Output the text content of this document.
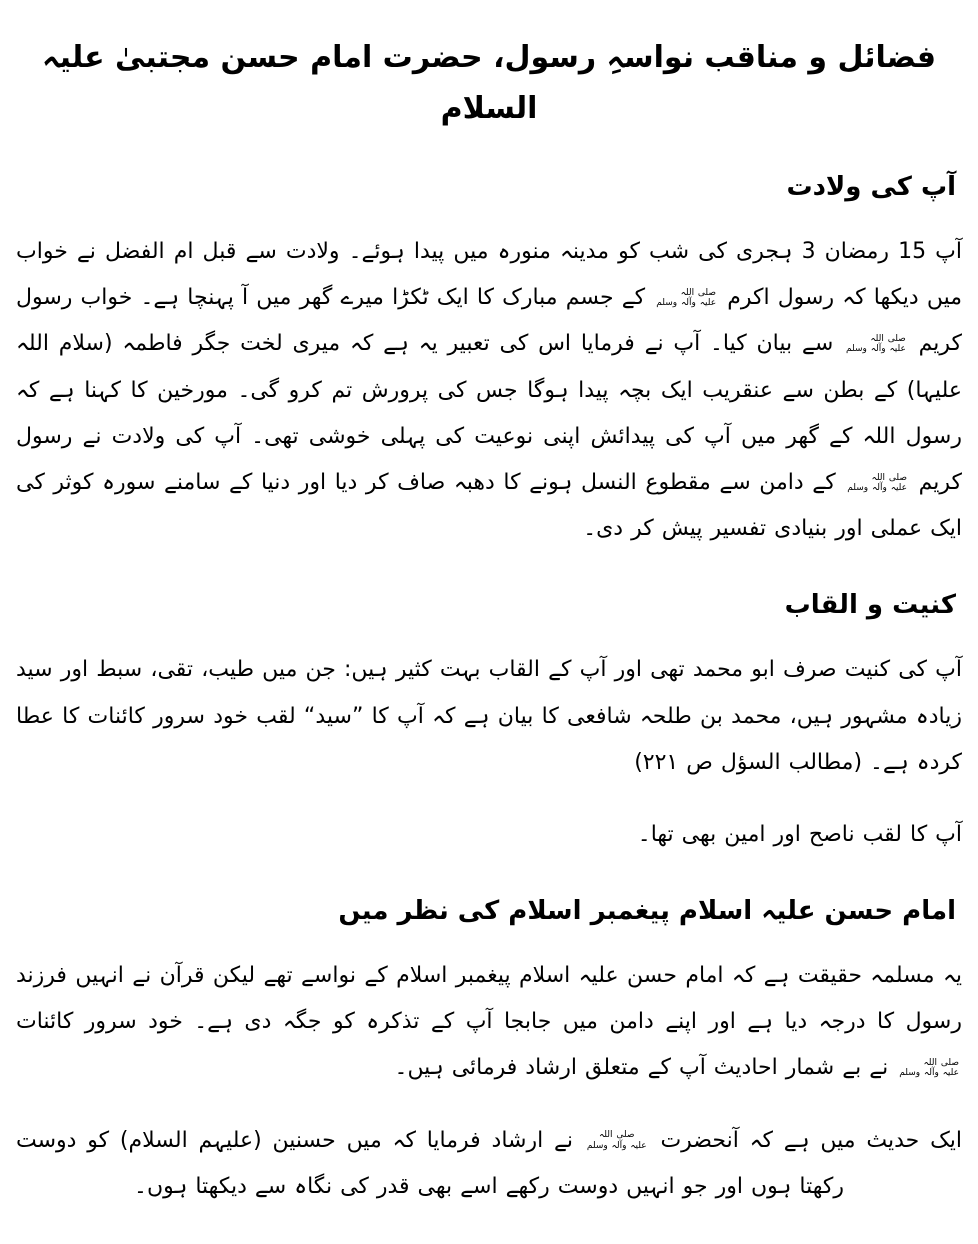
فضائل و مناقب نواسہِ رسول، حضرت امام حسن مجتبیٰ علیہ السلام
آپ کی ولادت

آپ 15 رمضان 3 ہجری کی شب کو مدینہ منورہ میں پیدا ہوئے۔ ولادت سے قبل ام الفضل نے خواب میں دیکھا کہ رسول اکرم
صلی اللہ
علیہ وآلہ وسلم
کے جسم مبارک کا ایک ٹکڑا میرے گھر میں آ پہنچا ہے۔ خواب رسول کریم
صلی اللہ
علیہ وآلہ وسلم
سے بیان کیا۔ آپ نے فرمایا اس کی تعبیر یہ ہے کہ میری لخت جگر فاطمہ (سلام اللہ علیہا) کے بطن سے عنقریب ایک بچہ پیدا ہوگا جس کی پرورش تم کرو گی۔ مورخین کا کہنا ہے کہ رسول اللہ کے گھر میں آپ کی پیدائش اپنی نوعیت کی پہلی خوشی تھی۔ آپ کی ولادت نے رسول کریم
صلی اللہ
علیہ وآلہ وسلم
کے دامن سے مقطوع النسل ہونے کا دھبہ صاف کر دیا اور دنیا کے سامنے سورہ کوثر کی ایک عملی اور بنیادی تفسیر پیش کر دی۔

کنیت و القاب

آپ کی کنیت صرف ابو محمد تھی اور آپ کے القاب بہت کثیر ہیں: جن میں طیب، تقی، سبط اور سید زیادہ مشہور ہیں، محمد بن طلحہ شافعی کا بیان ہے کہ آپ کا ”سید“ لقب خود سرور کائنات کا عطا کردہ ہے۔ (مطالب السؤل ص ۲۲۱)

آپ کا لقب ناصح اور امین بھی تھا۔

امام حسن علیہ اسلام پیغمبر اسلام کی نظر میں

یہ مسلمہ حقیقت ہے کہ امام حسن علیہ اسلام پیغمبر اسلام کے نواسے تھے لیکن قرآن نے انہیں فرزند رسول کا درجہ دیا ہے اور اپنے دامن میں جابجا آپ کے تذکرہ کو جگہ دی ہے۔ خود سرور کائنات
صلی اللہ
علیہ وآلہ وسلم
نے بے شمار احادیث آپ کے متعلق ارشاد فرمائی ہیں۔

ایک حدیث میں ہے کہ آنحضرت
صلی اللہ
علیہ وآلہ وسلم
نے ارشاد فرمایا کہ میں حسنین (علیہم السلام) کو دوست رکھتا ہوں اور جو انہیں دوست رکھے اسے بھی قدر کی نگاہ سے دیکھتا ہوں۔
